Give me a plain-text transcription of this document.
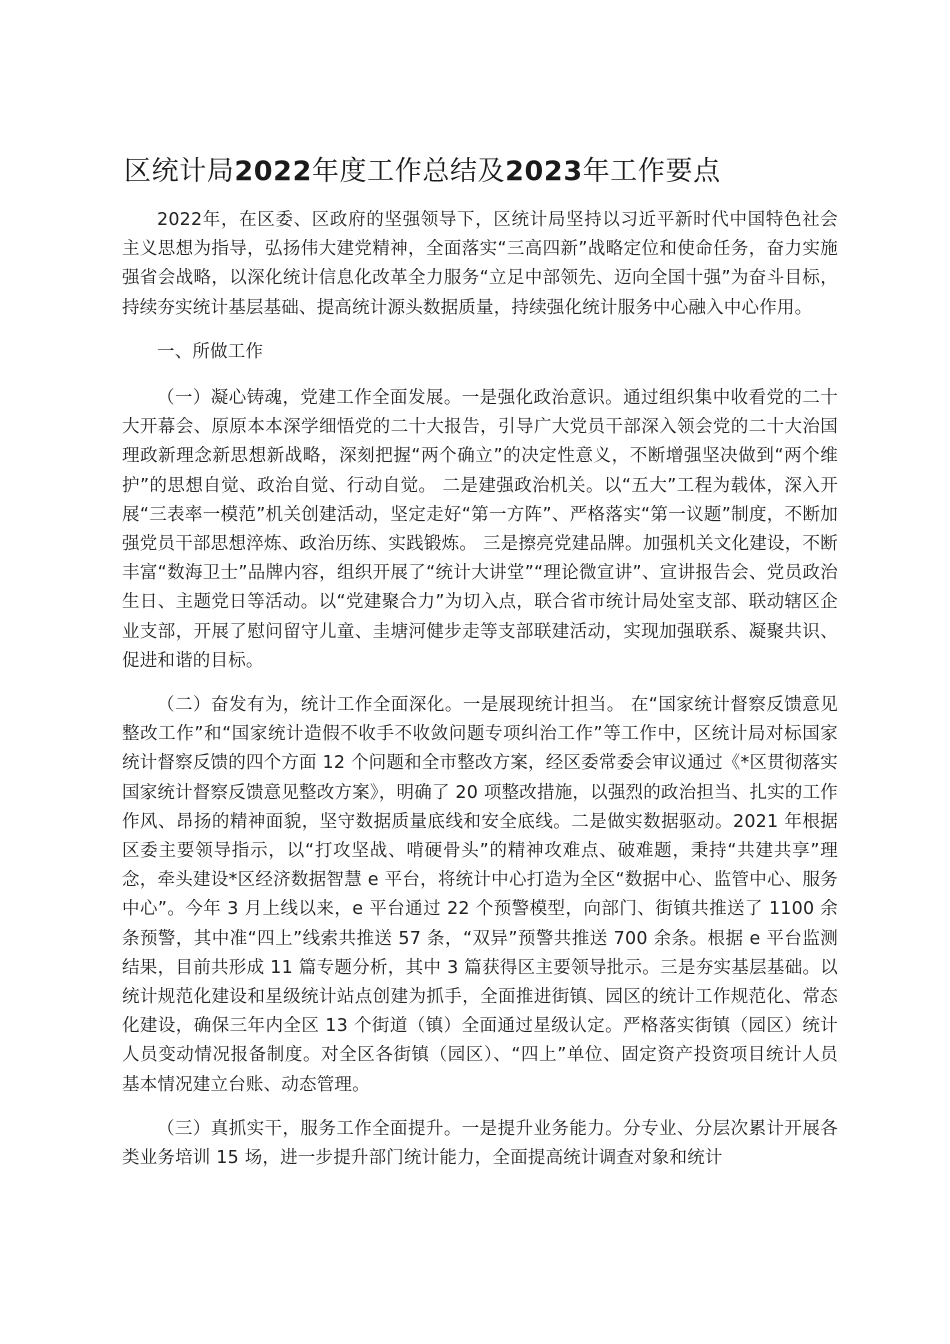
区统计局2022年度工作总结及2023年工作要点

2022年，在区委、区政府的坚强领导下，区统计局坚持以习近平新时代中国特色社会主义思想为指导，弘扬伟大建党精神，全面落实“三高四新”战略定位和使命任务，奋力实施强省会战略，以深化统计信息化改革全力服务“立足中部领先、迈向全国十强”为奋斗目标，持续夯实统计基层基础、提高统计源头数据质量，持续强化统计服务中心融入中心作用。

一、所做工作

（一）凝心铸魂，党建工作全面发展。一是强化政治意识。通过组织集中收看党的二十大开幕会、原原本本深学细悟党的二十大报告，引导广大党员干部深入领会党的二十大治国理政新理念新思想新战略，深刻把握“两个确立”的决定性意义，不断增强坚决做到“两个维护”的思想自觉、政治自觉、行动自觉。 二是建强政治机关。以“五大”工程为载体，深入开展“三表率一模范”机关创建活动，坚定走好“第一方阵”、严格落实“第一议题”制度，不断加强党员干部思想淬炼、政治历练、实践锻炼。 三是擦亮党建品牌。加强机关文化建设，不断丰富“数海卫士”品牌内容，组织开展了“统计大讲堂”“理论微宣讲”、宣讲报告会、党员政治生日、主题党日等活动。以“党建聚合力”为切入点，联合省市统计局处室支部、联动辖区企业支部，开展了慰问留守儿童、圭塘河健步走等支部联建活动，实现加强联系、凝聚共识、促进和谐的目标。

（二）奋发有为，统计工作全面深化。一是展现统计担当。 在“国家统计督察反馈意见整改工作”和“国家统计造假不收手不收敛问题专项纠治工作”等工作中，区统计局对标国家统计督察反馈的四个方面 12 个问题和全市整改方案，经区委常委会审议通过《*区贯彻落实国家统计督察反馈意见整改方案》，明确了 20 项整改措施，以强烈的政治担当、扎实的工作作风、昂扬的精神面貌，坚守数据质量底线和安全底线。二是做实数据驱动。2021 年根据区委主要领导指示，以“打攻坚战、啃硬骨头”的精神攻难点、破难题，秉持“共建共享”理念，牵头建设*区经济数据智慧 e 平台，将统计中心打造为全区“数据中心、监管中心、服务中心”。今年 3 月上线以来，e 平台通过 22 个预警模型，向部门、街镇共推送了 1100 余条预警，其中准“四上”线索共推送 57 条，“双异”预警共推送 700 余条。根据 e 平台监测结果，目前共形成 11 篇专题分析，其中 3 篇获得区主要领导批示。三是夯实基层基础。以统计规范化建设和星级统计站点创建为抓手，全面推进街镇、园区的统计工作规范化、常态化建设，确保三年内全区 13 个街道（镇）全面通过星级认定。严格落实街镇（园区）统计人员变动情况报备制度。对全区各街镇（园区）、“四上”单位、固定资产投资项目统计人员基本情况建立台账、动态管理。

（三）真抓实干，服务工作全面提升。一是提升业务能力。分专业、分层次累计开展各类业务培训 15 场，进一步提升部门统计能力，全面提高统计调查对象和统计
